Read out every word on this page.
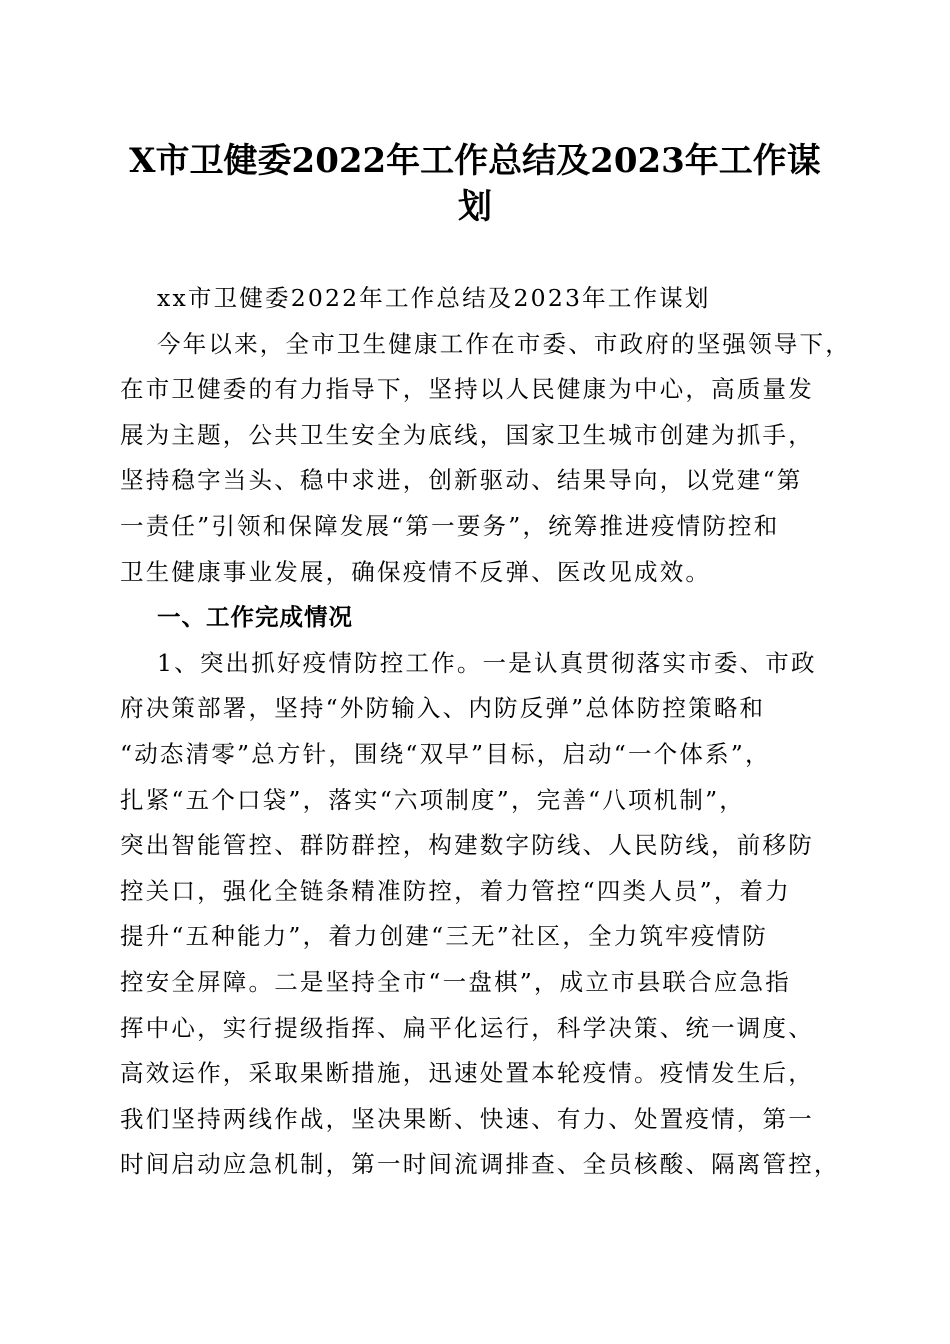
X市卫健委2022年工作总结及2023年工作谋
划
xx市卫健委2022年工作总结及2023年工作谋划
今年以来，全市卫生健康工作在市委、市政府的坚强领导下，
在市卫健委的有力指导下，坚持以人民健康为中心，高质量发
展为主题，公共卫生安全为底线，国家卫生城市创建为抓手，
坚持稳字当头、稳中求进，创新驱动、结果导向，以党建“第
一责任”引领和保障发展“第一要务”，统筹推进疫情防控和
卫生健康事业发展，确保疫情不反弹、医改见成效。
一、工作完成情况
1、突出抓好疫情防控工作。一是认真贯彻落实市委、市政
府决策部署，坚持“外防输入、内防反弹”总体防控策略和
“动态清零”总方针，围绕“双早”目标，启动“一个体系”，
扎紧“五个口袋”，落实“六项制度”，完善“八项机制”，
突出智能管控、群防群控，构建数字防线、人民防线，前移防
控关口，强化全链条精准防控，着力管控“四类人员”，着力
提升“五种能力”，着力创建“三无”社区，全力筑牢疫情防
控安全屏障。二是坚持全市“一盘棋”，成立市县联合应急指
挥中心，实行提级指挥、扁平化运行，科学决策、统一调度、
高效运作，采取果断措施，迅速处置本轮疫情。疫情发生后，
我们坚持两线作战，坚决果断、快速、有力、处置疫情，第一
时间启动应急机制，第一时间流调排查、全员核酸、隔离管控，
